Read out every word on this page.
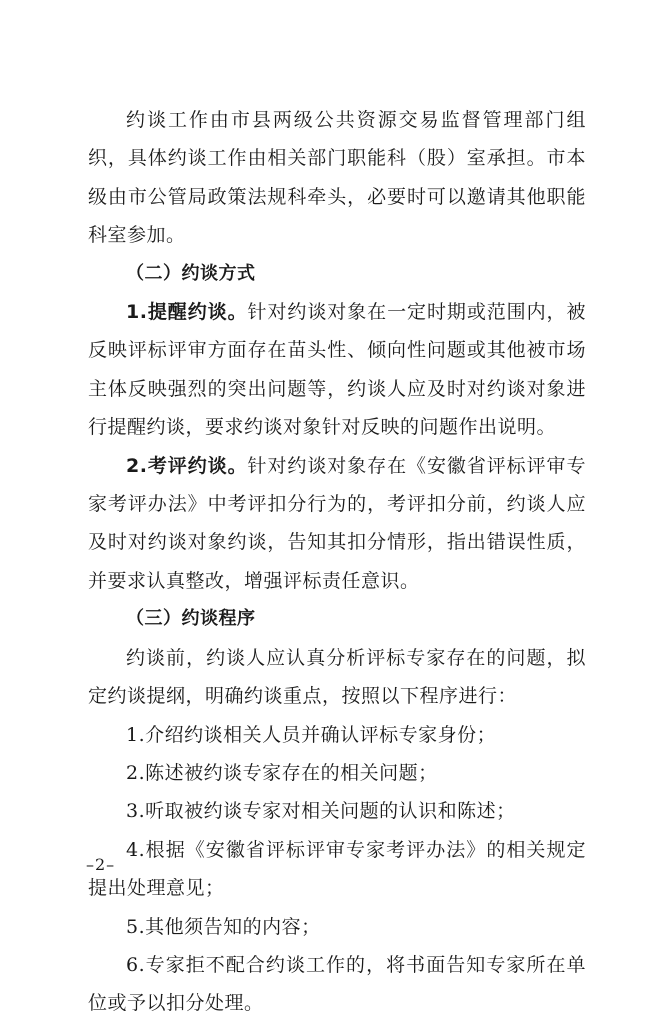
约谈工作由市县两级公共资源交易监督管理部门组织，具体约谈工作由相关部门职能科（股）室承担。市本级由市公管局政策法规科牵头，必要时可以邀请其他职能科室参加。

（二）约谈方式

1.提醒约谈。针对约谈对象在一定时期或范围内，被反映评标评审方面存在苗头性、倾向性问题或其他被市场主体反映强烈的突出问题等，约谈人应及时对约谈对象进行提醒约谈，要求约谈对象针对反映的问题作出说明。

2.考评约谈。针对约谈对象存在《安徽省评标评审专家考评办法》中考评扣分行为的，考评扣分前，约谈人应及时对约谈对象约谈，告知其扣分情形，指出错误性质，并要求认真整改，增强评标责任意识。

（三）约谈程序

约谈前，约谈人应认真分析评标专家存在的问题，拟定约谈提纲，明确约谈重点，按照以下程序进行：

1.介绍约谈相关人员并确认评标专家身份；

2.陈述被约谈专家存在的相关问题；

3.听取被约谈专家对相关问题的认识和陈述；

4.根据《安徽省评标评审专家考评办法》的相关规定提出处理意见；

5.其他须告知的内容；

6.专家拒不配合约谈工作的，将书面告知专家所在单位或予以扣分处理。

–2–
